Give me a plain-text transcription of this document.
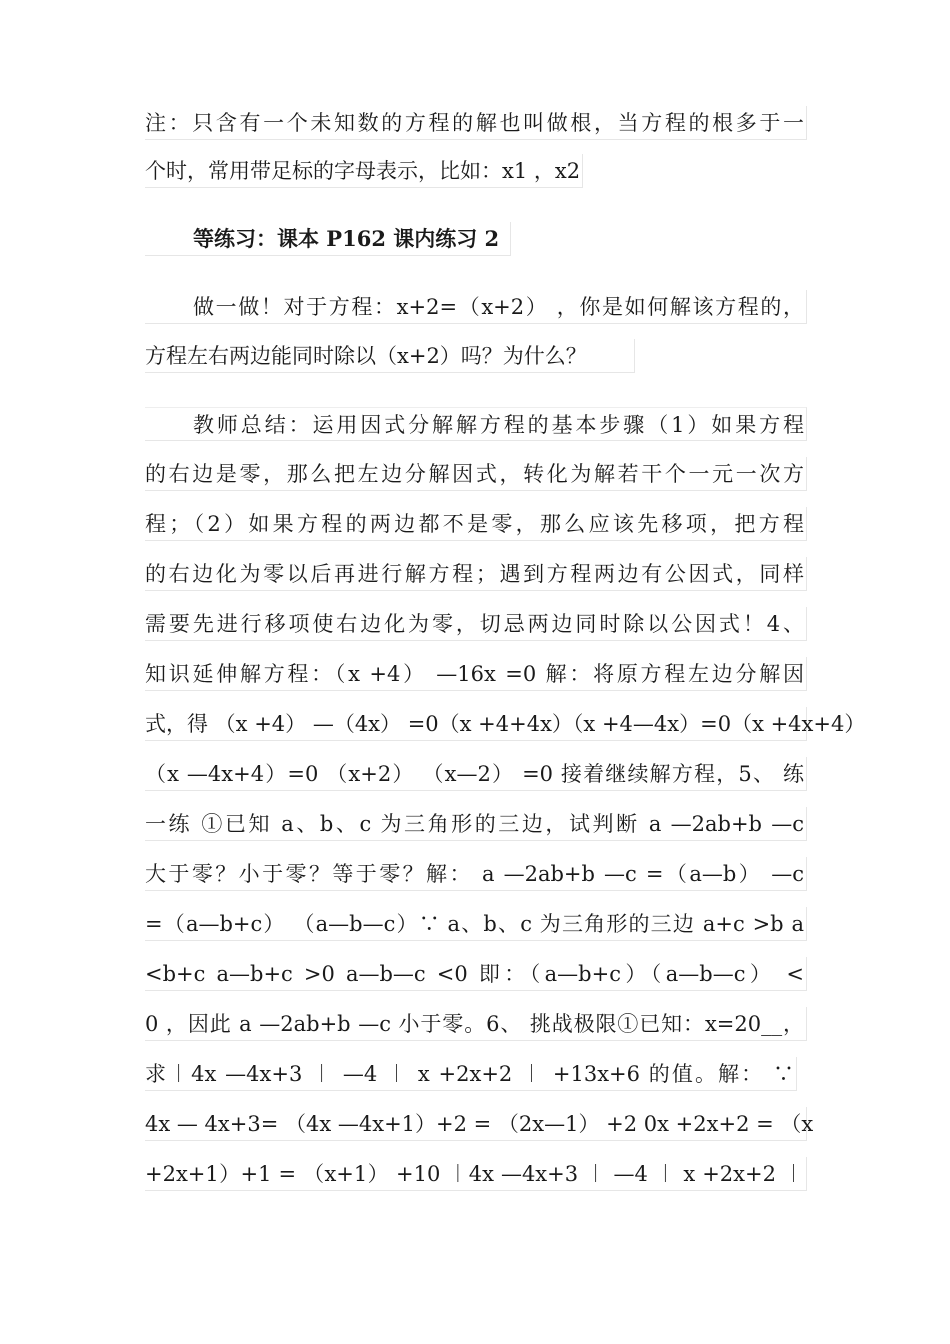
注：只含有一个未知数的方程的解也叫做根，当方程的根多于一
个时，常用带足标的字母表示，比如：x1 ，x2
等练习：课本 P162 课内练习 2
做一做！对于方程：x+2=（x+2） ，你是如何解该方程的，
方程左右两边能同时除以（x+2）吗？为什么？
教师总结：运用因式分解解方程的基本步骤（1）如果方程
的右边是零，那么把左边分解因式，转化为解若干个一元一次方
程；（2）如果方程的两边都不是零，那么应该先移项，把方程
的右边化为零以后再进行解方程；遇到方程两边有公因式，同样
需要先进行移项使右边化为零，切忌两边同时除以公因式！4、
知识延伸解方程：（x +4） —16x =0 解：将原方程左边分解因
式，得 （x +4） —（4x） =0（x +4+4x）（x +4—4x）=0（x +4x+4）
（x —4x+4）=0 （x+2） （x—2） =0 接着继续解方程，5、 练
一练 ①已知 a、b、c 为三角形的三边，试判断 a —2ab+b —c
大于零？小于零？等于零？解： a —2ab+b —c =（a—b） —c
=（a—b+c） （a—b—c）∵ a、b、c 为三角形的三边 a+c >b a
<b+c a—b+c >0 a—b—c <0 即：（a—b+c）（a—b—c） <
0 ，因此 a —2ab+b —c 小于零。6、 挑战极限①已知：x=20__，
求︱4x —4x+3 ︱ —4 ︱ x +2x+2 ︱ +13x+6 的值。解： ∵
4x — 4x+3= （4x —4x+1）+2 = （2x—1） +2 0x +2x+2 = （x
+2x+1）+1 = （x+1） +10 ︱4x —4x+3 ︱ —4 ︱ x +2x+2 ︱
